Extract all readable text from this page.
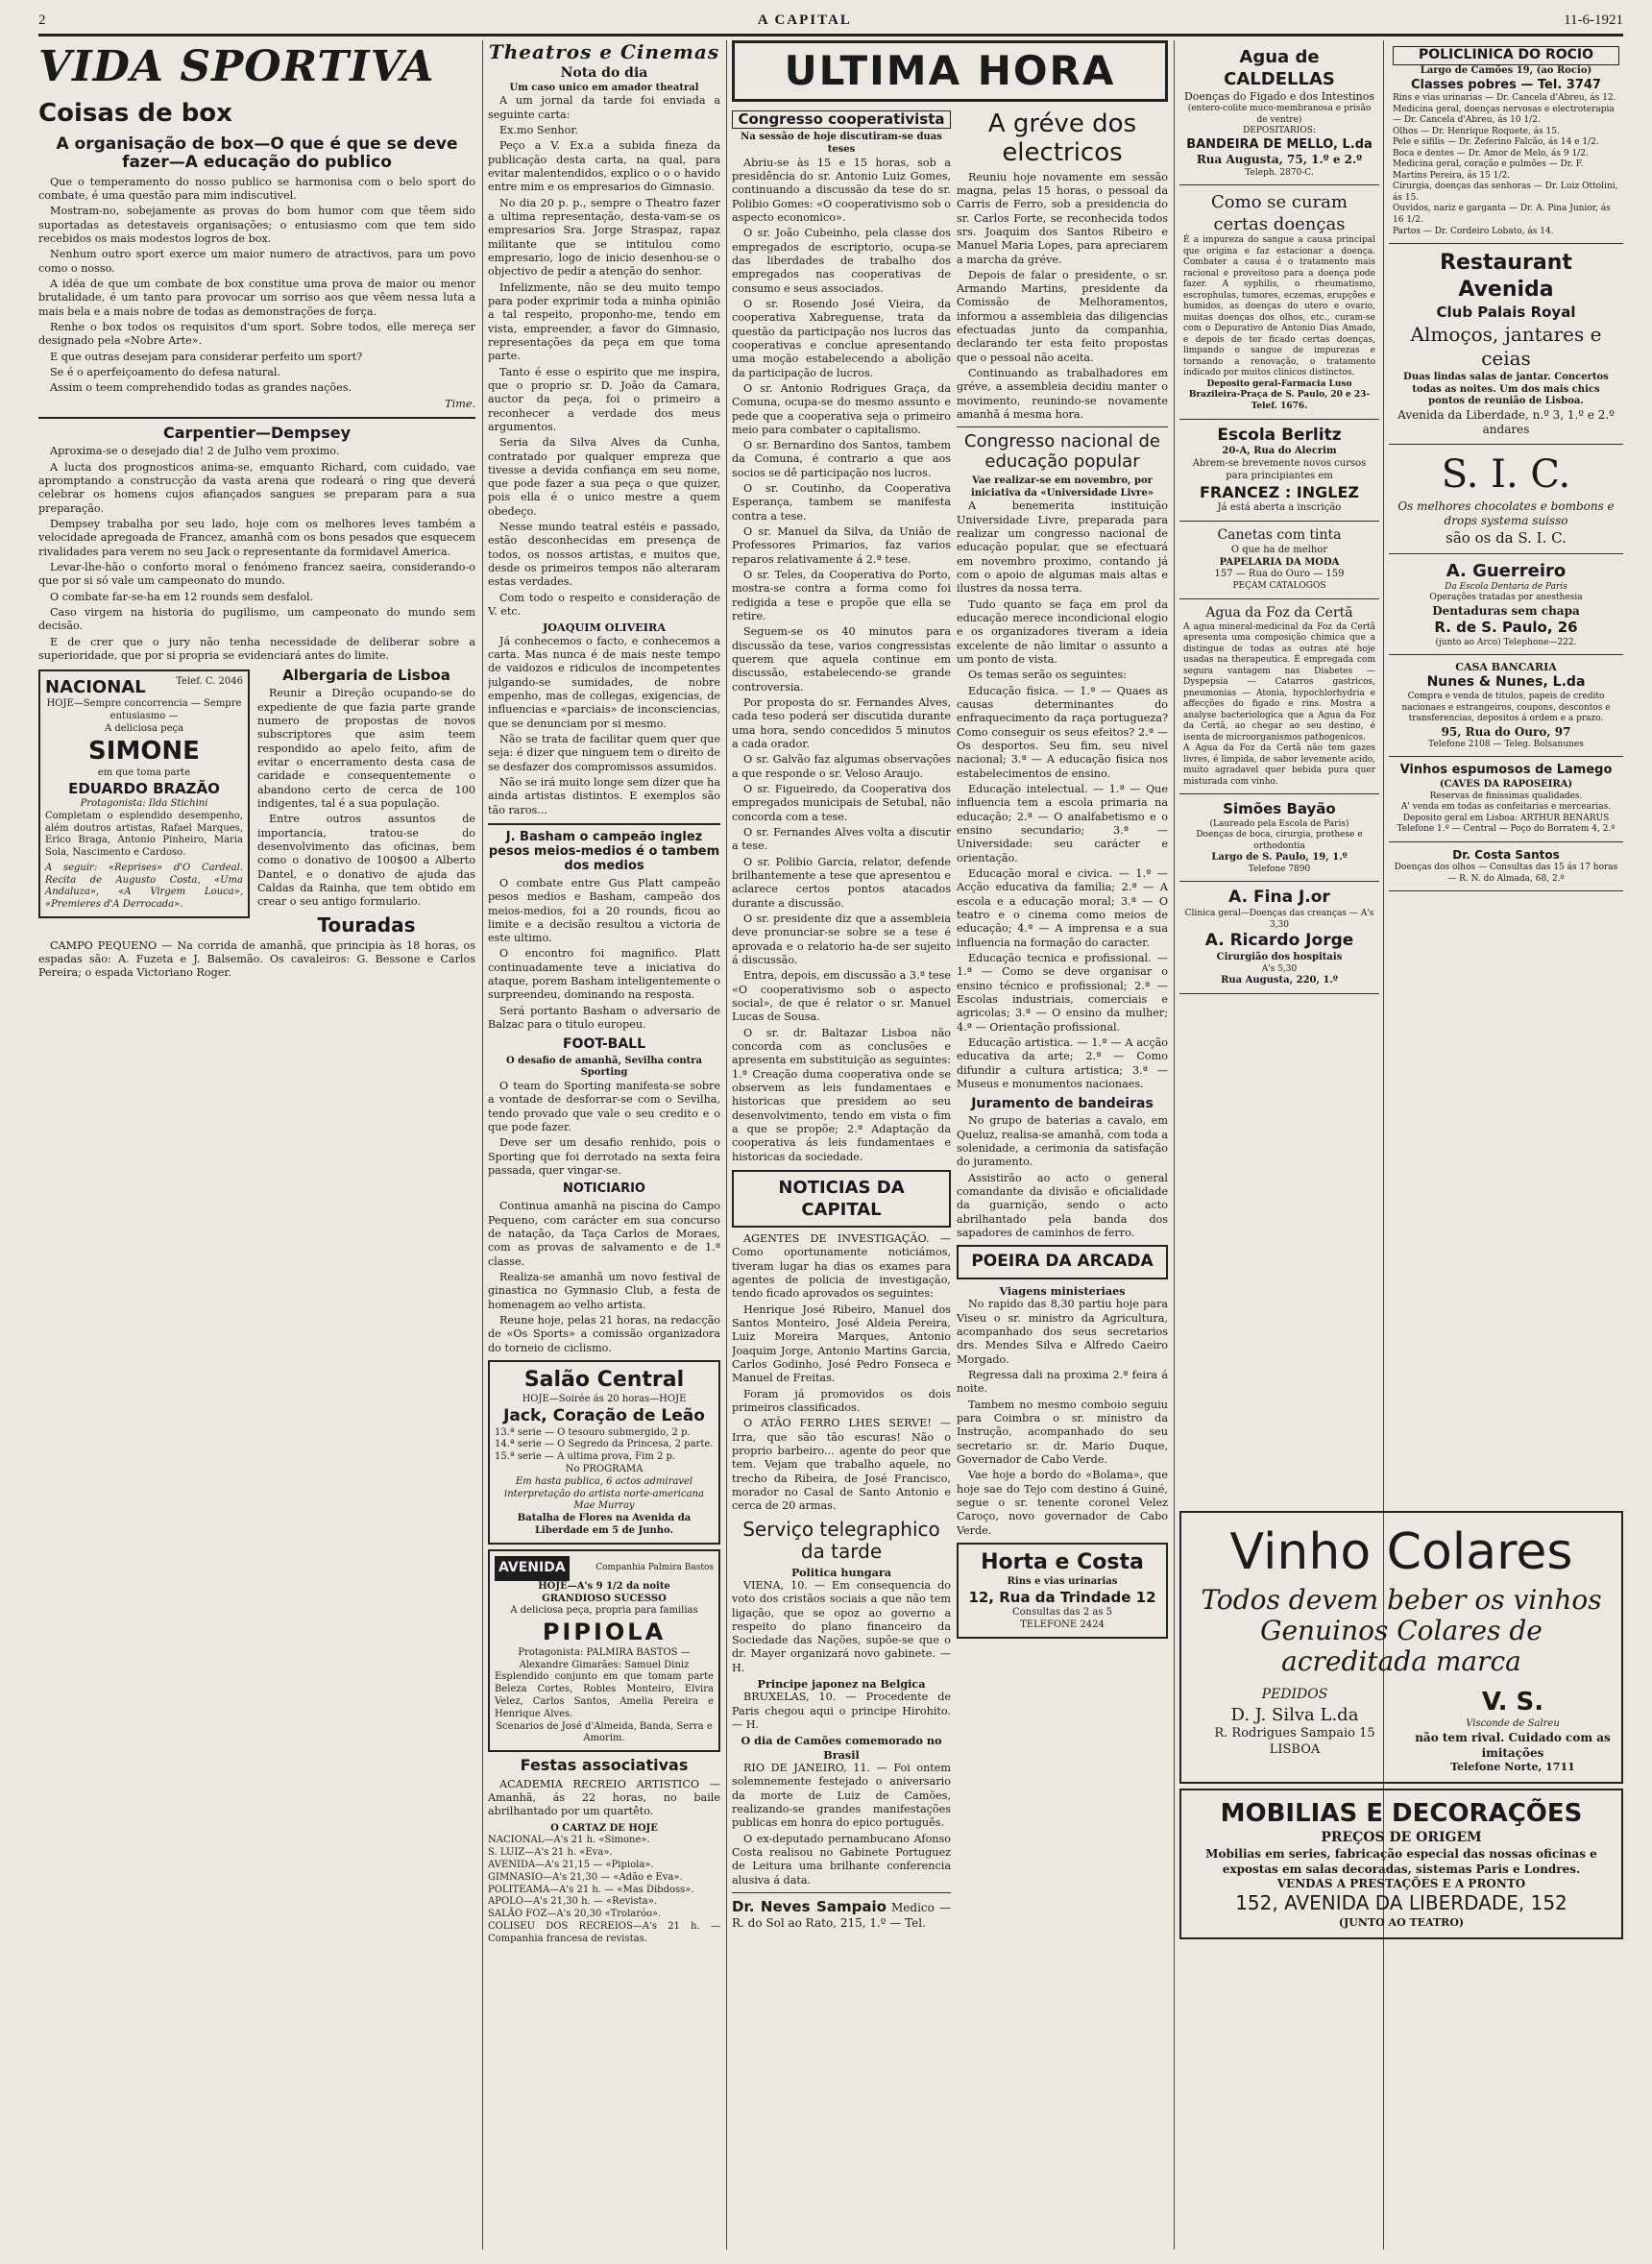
2	A CAPITAL	11-6-1921
VIDA SPORTIVA
Coisas de box
A organisação de box—O que é que se deve fazer—A educação do publico

Que o temperamento do nosso publico se harmonisa com o belo sport do combate, é uma questão para mim indiscutivel.

Mostram-no, sobejamente as provas do bom humor com que têem sido suportadas as detestaveis organisações; o entusiasmo com que tem sido recebidos os mais modestos logros de box.

Nenhum outro sport exerce um maior numero de atractivos, para um povo como o nosso.

A idéa de que um combate de box constitue uma prova de maior ou menor brutalidade, é um tanto para provocar um sorriso aos que vêem nessa luta a mais bela e a mais nobre de todas as demonstrações de força.

Renhe o box todos os requisitos d'um sport. Sobre todos, elle mereça ser designado pela «Nobre Arte».

E que outras desejam para considerar perfeito um sport?

Se é o aperfeiçoamento do defesa natural.

Assim o teem comprehendido todas as grandes nações.

Time.
Carpentier—Dempsey

Aproxima-se o desejado dia! 2 de Julho vem proximo.

A lucta dos prognosticos anima-se, emquanto Richard, com cuidado, vae apromptando a construcção da vasta arena que rodeará o ring que deverá celebrar os homens cujos afiançados sangues se preparam para a sua preparação.

Dempsey trabalha por seu lado, hoje com os melhores leves também a velocidade apregoada de Francez, amanhã com os bons pesados que esquecem rivalidades para verem no seu Jack o representante da formidavel America.

Levar-lhe-hão o conforto moral o fenómeno francez saeira, considerando-o que por si só vale um campeonato do mundo.

O combate far-se-ha em 12 rounds sem desfalol.

Caso virgem na historia do pugilismo, um campeonato do mundo sem decisão.

E de crer que o jury não tenha necessidade de deliberar sobre a superioridade, que por si propria se evidenciará antes do limite.

NACIONAL	Telef. C. 2046
HOJE—Sempre concorrencia — Sempre entusiasmo —
A deliciosa peça
SIMONE
em que toma parte
EDUARDO BRAZÃO
Protagonista: Ilda Stichini
Completam o esplendido desempenho, além doutros artistas, Rafael Marques, Erico Braga, Antonio Pinheiro, Maria Sola, Nascimento e Cardoso.
A seguir: «Reprises» d'O Cardeal. Recita de Augusto Costa, «Uma Andaluza», «A Virgem Louca», «Premieres d'A Derrocada».
Albergaria de Lisboa

Reunir a Direção ocupando-se do expediente de que fazia parte grande numero de propostas de novos subscriptores que asim teem respondido ao apelo feito, afim de evitar o encerramento desta casa de caridade e consequentemente o abandono certo de cerca de 100 indigentes, tal é a sua população.

Entre outros assuntos de importancia, tratou-se do desenvolvimento das oficinas, bem como o donativo de 100$00 a Alberto Dantel, e o donativo de ajuda das Caldas da Rainha, que tem obtido em crear o seu antigo formulario.

Touradas

CAMPO PEQUENO — Na corrida de amanhã, que principia às 18 horas, os espadas são: A. Fuzeta e J. Balsemão. Os cavaleiros: G. Bessone e Carlos Pereira; o espada Victoriano Roger.

Theatros e Cinemas
Nota do dia
Um caso unico em amador theatral

A um jornal da tarde foi enviada a seguinte carta:

Ex.mo Senhor.

Peço a V. Ex.a a subida fineza da publicação desta carta, na qual, para evitar malentendidos, explico o o o havido entre mim e os empresarios do Gimnasio.

No dia 20 p. p., sempre o Theatro fazer a ultima representação, desta-vam-se os empresarios Sra. Jorge Straspaz, rapaz militante que se intitulou como empresario, logo de inicio desenhou-se o objectivo de pedir a atenção do senhor.

Infelizmente, não se deu muito tempo para poder exprimir toda a minha opinião a tal respeito, proponho-me, tendo em vista, empreender, a favor do Gimnasio, representações da peça em que toma parte.

Tanto é esse o espirito que me inspira, que o proprio sr. D. João da Camara, auctor da peça, foi o primeiro a reconhecer a verdade dos meus argumentos.

Seria da Silva Alves da Cunha, contratado por qualquer empreza que tivesse a devida confiança em seu nome, que pode fazer a sua peça o que quizer, pois ella é o unico mestre a quem obedeço.

Nesse mundo teatral estéis e passado, estão desconhecidas em presença de todos, os nossos artistas, e muitos que, desde os primeiros tempos não alteraram estas verdades.

Com todo o respeito e consideração de V. etc.

JOAQUIM OLIVEIRA

Já conhecemos o facto, e conhecemos a carta. Mas nunca é de mais neste tempo de vaidozos e ridiculos de incompetentes julgando-se sumidades, de nobre empenho, mas de collegas, exigencias, de influencias e «parciais» de inconsciencias, que se denunciam por si mesmo.

Não se trata de facilitar quem quer que seja: é dizer que ninguem tem o direito de se desfazer dos compromissos assumidos.

Não se irá muito longe sem dizer que ha ainda artistas distintos. E exemplos são tão raros...

J. Basham o campeão inglez pesos meios-medios é o tambem dos medios

O combate entre Gus Platt campeão pesos medios e Basham, campeão dos meios-medios, foi a 20 rounds, ficou ao limite e a decisão resultou a victoria de este ultimo.

O encontro foi magnifico. Platt continuadamente teve a iniciativa do ataque, porem Basham inteligentemente o surpreendeu, dominando na resposta.

Será portanto Basham o adversario de Balzac para o titulo europeu.

FOOT-BALL
O desafio de amanhã, Sevilha contra Sporting

O team do Sporting manifesta-se sobre a vontade de desforrar-se com o Sevilha, tendo provado que vale o seu credito e o que pode fazer.

Deve ser um desafio renhido, pois o Sporting que foi derrotado na sexta feira passada, quer vingar-se.

NOTICIARIO

Continua amanhã na piscina do Campo Pequeno, com carácter em sua concurso de natação, da Taça Carlos de Moraes, com as provas de salvamento e de 1.ª classe.

Realiza-se amanhã um novo festival de ginastica no Gymnasio Club, a festa de homenagem ao velho artista.

Reune hoje, pelas 21 horas, na redacção de «Os Sports» a comissão organizadora do torneio de ciclismo.

Salão Central
HOJE—Soirée ás 20 horas—HOJE
Jack, Coração de Leão
13.ª serie — O tesouro submergido, 2 p.
14.ª serie — O Segredo da Princesa, 2 parte.
15.ª serie — A ultima prova, Fim 2 p.
No PROGRAMA
Em hasta publica, 6 actos admiravel interpretação do artista norte-americana Mae Murray
Batalha de Flores na Avenida da Liberdade em 5 de Junho.
AVENIDA	Companhia Palmira Bastos
HOJE—A's 9 1/2 da noite
GRANDIOSO SUCESSO
A deliciosa peça, propria para familias
PIPIOLA
Protagonista: PALMIRA BASTOS — Alexandre Gimarães: Samuel Diniz
Esplendido conjunto em que tomam parte Beleza Cortes, Robles Monteiro, Elvira Velez, Carlos Santos, Amelia Pereira e Henrique Alves.
Scenarios de José d'Almeida, Banda, Serra e Amorim.
Festas associativas

ACADEMIA RECREIO ARTISTICO — Amanhã, ás 22 horas, no baile abrilhantado por um quartêto.

O CARTAZ DE HOJE
NACIONAL—A's 21 h. «Simone».
S. LUIZ—A's 21 h. «Eva».
AVENIDA—A's 21,15 — «Pipiola».
GIMNASIO—A's 21,30 — «Adão e Eva».
POLITEAMA—A's 21 h. — «Mas Dibdoss».
APOLO—A's 21,30 h. — «Revista».
SALÃO FOZ—A's 20,30 «Trolaróo».
COLISEU DOS RECREIOS—A's 21 h. — Companhia francesa de revistas.
ULTIMA HORA
Congresso cooperativista
Na sessão de hoje discutiram-se duas teses

Abriu-se às 15 e 15 horas, sob a presidência do sr. Antonio Luiz Gomes, continuando a discussão da tese do sr. Polibio Gomes: «O cooperativismo sob o aspecto economico».

O sr. João Cubeinho, pela classe dos empregados de escriptorio, ocupa-se das liberdades de trabalho dos empregados nas cooperativas de consumo e seus associados.

O sr. Rosendo José Vieira, da cooperativa Xabreguense, trata da questão da participação nos lucros das cooperativas e conclue apresentando uma moção estabelecendo a abolição da participação de lucros.

O sr. Antonio Rodrigues Graça, da Comuna, ocupa-se do mesmo assunto e pede que a cooperativa seja o primeiro meio para combater o capitalismo.

O sr. Bernardino dos Santos, tambem da Comuna, é contrario a que aos socios se dê participação nos lucros.

O sr. Coutinho, da Cooperativa Esperança, tambem se manifesta contra a tese.

O sr. Manuel da Silva, da União de Professores Primarios, faz varios reparos relativamente á 2.ª tese.

O sr. Teles, da Cooperativa do Porto, mostra-se contra a forma como foi redigida a tese e propõe que ella se retire.

Seguem-se os 40 minutos para discussão da tese, varios congressistas querem que aquela continue em discussão, estabelecendo-se grande controversia.

Por proposta do sr. Fernandes Alves, cada teso poderá ser discutida durante uma hora, sendo concedidos 5 minutos a cada orador.

O sr. Galvão faz algumas observações a que responde o sr. Veloso Araujo.

O sr. Figueiredo, da Cooperativa dos empregados municipais de Setubal, não concorda com a tese.

O sr. Fernandes Alves volta a discutir a tese.

O sr. Polibio Garcia, relator, defende brilhantemente a tese que apresentou e aclarece certos pontos atacados durante a discussão.

O sr. presidente diz que a assembleia deve pronunciar-se sobre se a tese é aprovada e o relatorio ha-de ser sujeito á discussão.

Entra, depois, em discussão a 3.ª tese «O cooperativismo sob o aspecto social», de que é relator o sr. Manuel Lucas de Sousa.

O sr. dr. Baltazar Lisboa não concorda com as conclusões e apresenta em substituição as seguintes: 1.ª Creação duma cooperativa onde se observem as leis fundamentaes e historicas que presidem ao seu desenvolvimento, tendo em vista o fim a que se propõe; 2.ª Adaptação da cooperativa ás leis fundamentaes e historicas da sociedade.

NOTICIAS DA CAPITAL

AGENTES DE INVESTIGAÇÃO. — Como oportunamente noticiámos, tiveram lugar ha dias os exames para agentes de policia de investigação, tendo ficado aprovados os seguintes:

Henrique José Ribeiro, Manuel dos Santos Monteiro, José Aldeia Pereira, Luiz Moreira Marques, Antonio Joaquim Jorge, Antonio Martins Garcia, Carlos Godinho, José Pedro Fonseca e Manuel de Freitas.

Foram já promovidos os dois primeiros classificados.

O ATÃO FERRO LHES SERVE! — Irra, que são tão escuras! Não o proprio barbeiro... agente do peor que tem. Vejam que trabalho aquele, no trecho da Ribeira, de José Francisco, morador no Casal de Santo Antonio e cerca de 20 armas.

Serviço telegraphico da tarde
Politica hungara

VIENA, 10. — Em consequencia do voto dos cristãos sociais a que não tem ligação, que se opoz ao governo a respeito do plano financeiro da Sociedade das Nações, supõe-se que o dr. Mayer organizará novo gabinete. — H.

Principe japonez na Belgica

BRUXELAS, 10. — Procedente de Paris chegou aqui o principe Hirohito. — H.

O dia de Camões comemorado no Brasil

RIO DE JANEIRO, 11. — Foi ontem solemnemente festejado o aniversario da morte de Luiz de Camões, realizando-se grandes manifestações publicas em honra do epico português.

O ex-deputado pernambucano Afonso Costa realisou no Gabinete Portuguez de Leitura uma brilhante conferencia alusiva á data.

Dr. Neves Sampaio Medico — R. do Sol ao Rato, 215, 1.º — Tel.
A gréve dos electricos

Reuniu hoje novamente em sessão magna, pelas 15 horas, o pessoal da Carris de Ferro, sob a presidencia do sr. Carlos Forte, se reconhecida todos srs. Joaquim dos Santos Ribeiro e Manuel Maria Lopes, para apreciarem a marcha da gréve.

Depois de falar o presidente, o sr. Armando Martins, presidente da Comissão de Melhoramentos, informou a assembleia das diligencias efectuadas junto da companhia, declarando ter esta feito propostas que o pessoal não aceita.

Continuando as trabalhadores em gréve, a assembleia decidiu manter o movimento, reunindo-se novamente amanhã á mesma hora.

Congresso nacional de educação popular
Vae realizar-se em novembro, por iniciativa da «Universidade Livre»

A benemerita instituição Universidade Livre, preparada para realizar um congresso nacional de educação popular, que se efectuará em novembro proximo, contando já com o apoio de algumas mais altas e ilustres da nossa terra.

Tudo quanto se faça em prol da educação merece incondicional elogio e os organizadores tiveram a ideia excelente de não limitar o assunto a um ponto de vista.

Os temas serão os seguintes:

Educação fisica. — 1.ª — Quaes as causas determinantes do enfraquecimento da raça portugueza? Como conseguir os seus efeitos? 2.ª — Os desportos. Seu fim, seu nivel nacional; 3.ª — A educação fisica nos estabelecimentos de ensino.

Educação intelectual. — 1.ª — Que influencia tem a escola primaria na educação; 2.ª — O analfabetismo e o ensino secundario; 3.ª — Universidade: seu carácter e orientação.

Educação moral e civica. — 1.ª — Acção educativa da familia; 2.ª — A escola e a educação moral; 3.ª — O teatro e o cinema como meios de educação; 4.ª — A imprensa e a sua influencia na formação do caracter.

Educação tecnica e profissional. — 1.ª — Como se deve organisar o ensino técnico e profissional; 2.ª — Escolas industriais, comerciais e agricolas; 3.ª — O ensino da mulher; 4.ª — Orientação profissional.

Educação artistica. — 1.ª — A acção educativa da arte; 2.ª — Como difundir a cultura artistica; 3.ª — Museus e monumentos nacionaes.

Juramento de bandeiras

No grupo de baterias a cavalo, em Queluz, realisa-se amanhã, com toda a solenidade, a cerimonia da satisfação do juramento.

Assistirão ao acto o general comandante da divisão e oficialidade da guarnição, sendo o acto abrilhantado pela banda dos sapadores de caminhos de ferro.

POEIRA DA ARCADA
Viagens ministeriaes

No rapido das 8,30 partiu hoje para Viseu o sr. ministro da Agricultura, acompanhado dos seus secretarios drs. Mendes Silva e Alfredo Caeiro Morgado.

Regressa dali na proxima 2.ª feira á noite.

Tambem no mesmo comboio seguiu para Coimbra o sr. ministro da Instrução, acompanhado do seu secretario sr. dr. Mario Duque, Governador de Cabo Verde.

Vae hoje a bordo do «Bolama», que hoje sae do Tejo com destino á Guiné, segue o sr. tenente coronel Velez Caroço, novo governador de Cabo Verde.

Horta e Costa
Rins e vias urinarias
12, Rua da Trindade 12
Consultas das 2 as 5
TELEFONE 2424
Agua de CALDELLAS
Doenças do Figado e dos Intestinos
(entero-colite muco-membranosa e prisão de ventre)
DEPOSITARIOS:
BANDEIRA DE MELLO, L.da
Rua Augusta, 75, 1.º e 2.º
Teleph. 2870-C.
Como se curam certas doenças
É a impureza do sangue a causa principal que origina e faz estacionar a doença. Combater a causa é o tratamento mais racional e proveitoso para a doença pode fazer. A syphilis, o rheumatismo, escrophulas, tumores, eczemas, erupções e humidos, as doenças do utero e ovario, muitas doenças dos olhos, etc., curam-se com o Depurativo de Antonio Dias Amado, e depois de ter ficado certas doenças, limpando o sangue de impurezas e tornando a renovação, o tratamento indicado por muitos clinicos distinctos.
Deposito geral-Farmacia Luso Brazileira-Praça de S. Paulo, 20 e 23-Telef. 1676.
Escola Berlitz
20-A, Rua do Alecrim
Abrem-se brevemente novos cursos
para principiantes em
FRANCEZ : INGLEZ
Já está aberta a inscrição
Canetas com tinta
O que ha de melhor
PAPELARIA DA MODA
157 — Rua do Ouro — 159
PEÇAM CATALOGOS
Agua da Foz da Certã
A agua mineral-medicinal da Foz da Certã apresenta uma composição chimica que a distingue de todas as outras até hoje usadas na therapeutica. É empregada com segura vantagem nas Diabetes — Dyspepsia — Catarros gastricos, pneumonias — Atonia, hypochlorhydria e affecções do figado e rins. Mostra a analyse bacteriologica que a Agua da Foz da Certã, ao chegar ao seu destino, é isenta de microorganismos pathogenicos.
A Agua da Foz da Certã não tem gazes livres, é limpida, de sabor levemente acido, muito agradavel quer bebida pura quer misturada com vinho.
Simões Bayão
(Laureado pela Escola de Paris)
Doenças de boca, cirurgia, prothese e orthodontia
Largo de S. Paulo, 19, 1.º
Telefone 7890
A. Fina J.or
Clinica geral—Doenças das creanças — A's 3,30
A. Ricardo Jorge
Cirurgião dos hospitais
A's 5,30
Rua Augusta, 220, 1.º
POLICLINICA DO ROCIO
Largo de Camões 19, (ao Rocio)
Classes pobres — Tel. 3747
Rins e vias urinarias — Dr. Cancela d'Abreu, ás 12.
Medicina geral, doenças nervosas e electroterapia — Dr. Cancela d'Abreu, ás 10 1/2.
Olhos — Dr. Henrique Roquete, ás 15.
Pele e sifilis — Dr. Zeferino Falcão, ás 14 e 1/2.
Boca e dentes — Dr. Amor de Melo, ás 9 1/2.
Medicina geral, coração e pulmões — Dr. F. Martins Pereira, ás 15 1/2.
Cirurgia, doenças das senhoras — Dr. Luiz Ottolini, ás 15.
Ouvidos, nariz e garganta — Dr. A. Pina Junior, ás 16 1/2.
Partos — Dr. Cordeiro Lobato, ás 14.
Restaurant Avenida
Club Palais Royal
Almoços, jantares e ceias
Duas lindas salas de jantar. Concertos todas as noites. Um dos mais chics pontos de reunião de Lisboa.
Avenida da Liberdade, n.º 3, 1.º e 2.º andares
S. I. C.
Os melhores chocolates e bombons e drops systema suisso
são os da S. I. C.
A. Guerreiro
Da Escola Dentaria de Paris
Operações tratadas por anesthesia
Dentaduras sem chapa
R. de S. Paulo, 26
(junto ao Arco) Telephone—222.
CASA BANCARIA
Nunes & Nunes, L.da
Compra e venda de titulos, papeis de credito nacionaes e estrangeiros, coupons, descontos e transferencias, depositos á ordem e a prazo.
95, Rua do Ouro, 97
Telefone 2108 — Teleg. Bolsanunes
Vinhos espumosos de Lamego
(CAVES DA RAPOSEIRA)
Reservas de finissimas qualidades.
A' venda em todas as confeitarias e mercearias.
Deposito geral em Lisboa: ARTHUR BENARUS
Telefone 1.º — Central — Poço do Borratem 4, 2.º
Dr. Costa Santos
Doenças dos olhos — Consultas das 15 ás 17 horas — R. N. do Almada, 68, 2.º
Vinho Colares
Todos devem beber os vinhos Genuinos Colares de acreditada marca
PEDIDOS
D. J. Silva L.da
R. Rodrigues Sampaio 15 LISBOA
V. S.
Visconde de Salreu
não tem rival. Cuidado com as imitações
Telefone Norte, 1711
MOBILIAS E DECORAÇÕES
PREÇOS DE ORIGEM
Mobilias em series, fabricação especial das nossas oficinas e expostas em salas decoradas, sistemas Paris e Londres.
VENDAS A PRESTAÇÕES E A PRONTO
152, AVENIDA DA LIBERDADE, 152
(JUNTO AO TEATRO)
